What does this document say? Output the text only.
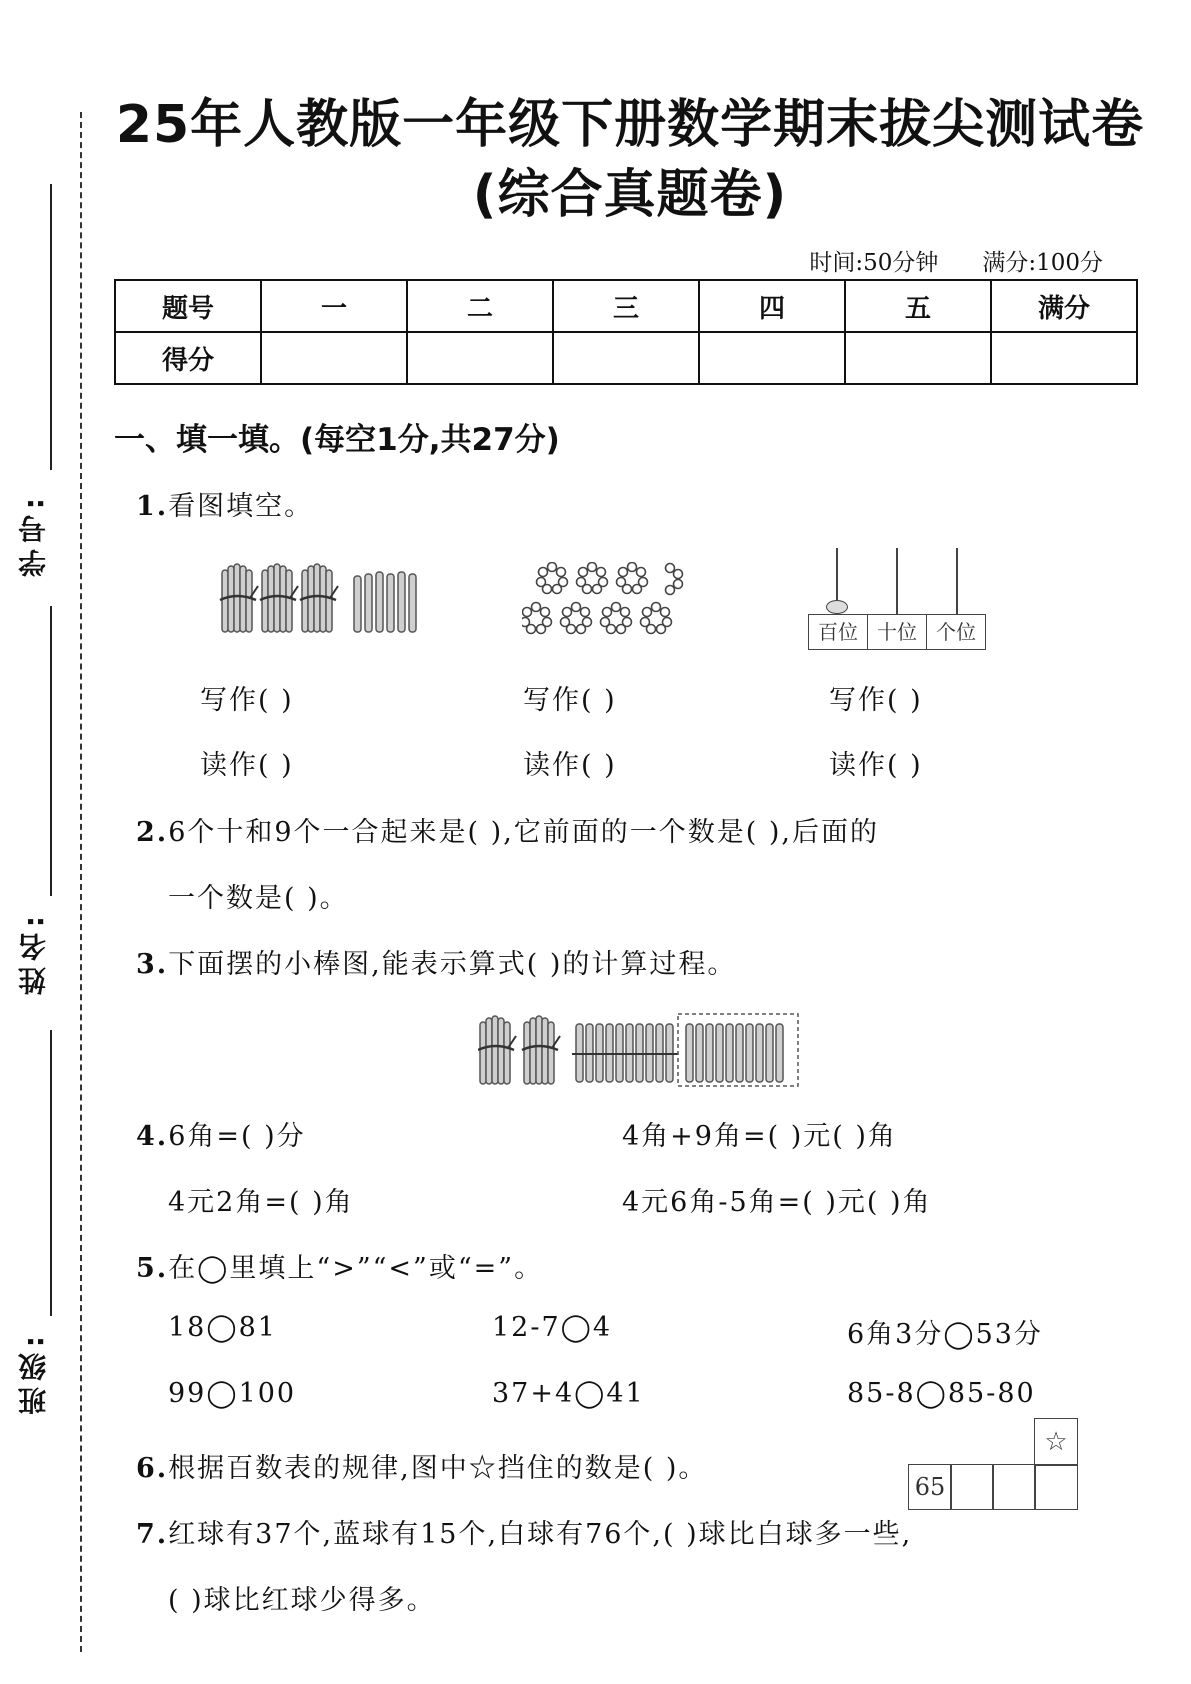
25年人教版一年级下册数学期末拔尖测试卷
(综合真题卷)
学号:
姓名:
班级:
时间:50分钟 满分:100分
题号	一	二	三	四	五	满分
得分						
一、填一填。(每空1分,共27分)
1.看图填空。
百位 十位 个位
写作( )	写作( )	写作( )
读作( )	读作( )	读作( )
2.6个十和9个一合起来是( ),它前面的一个数是( ),后面的
一个数是( )。
3.下面摆的小棒图,能表示算式( )的计算过程。
4.6角=( )分	4角+9角=( )元( )角
4元2角=( )角	4元6角-5角=( )元( )角
5.在◯里填上“>”“<”或“=”。
18◯81	12-7◯4	6角3分◯53分
99◯100	37+4◯41	85-8◯85-80
6.根据百数表的规律,图中☆挡住的数是( )。
65
☆
7.红球有37个,蓝球有15个,白球有76个,( )球比白球多一些,
( )球比红球少得多。
